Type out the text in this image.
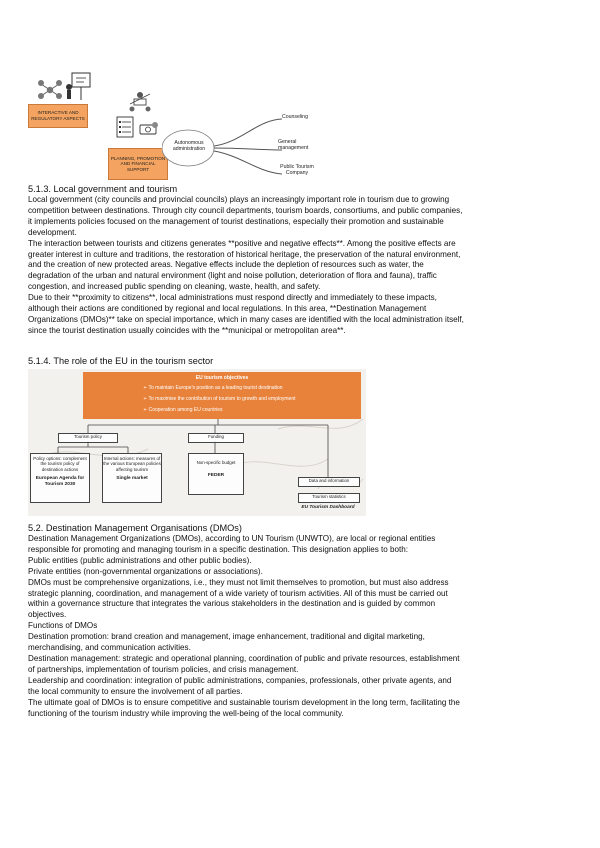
INTERACTIVE AND REGULATORY ASPECTS
PLANNING, PROMOTION AND FINANCIAL SUPPORT
Autonomous administration
Counseling
General management
Public Tourism Company

5.1.3. Local government and tourism

Local government (city councils and provincial councils) plays an increasingly important role in tourism due to growing

competition between destinations. Through city council departments, tourism boards, consortiums, and public companies,

it implements policies focused on the management of tourist destinations, especially their promotion and sustainable

development.

The interaction between tourists and citizens generates **positive and negative effects**. Among the positive effects are

greater interest in culture and traditions, the restoration of historical heritage, the preservation of the natural environment,

and the creation of new protected areas. Negative effects include the depletion of resources such as water, the

degradation of the urban and natural environment (light and noise pollution, deterioration of flora and fauna), traffic

congestion, and increased public spending on cleaning, waste, health, and safety.

Due to their **proximity to citizens**, local administrations must respond directly and immediately to these impacts,

although their actions are conditioned by regional and local regulations. In this area, **Destination Management

Organizations (DMOs)** take on special importance, which in many cases are identified with the local administration itself,

since the tourist destination usually coincides with the **municipal or metropolitan area**.

5.1.4. The role of the EU in the tourism sector

EU tourism objectives
➢ To maintain Europe's position as a leading tourist destination
➢ To maximise the contribution of tourism to growth and employment
➢ Cooperation among EU countries
Tourism policy	Funding
Policy options: complement the tourism policy of destination actions
European Agenda for Tourism 2030
Internal actions: measures of the various European policies affecting tourism
Single market
Non-specific budget
FEDER
Data and information
Tourism statistics
EU Tourism Dashboard

5.2. Destination Management Organisations (DMOs)

Destination Management Organizations (DMOs), according to UN Tourism (UNWTO), are local or regional entities

responsible for promoting and managing tourism in a specific destination. This designation applies to both:

Public entities (public administrations and other public bodies).

Private entities (non-governmental organizations or associations).

DMOs must be comprehensive organizations, i.e., they must not limit themselves to promotion, but must also address

strategic planning, coordination, and management of a wide variety of tourism activities. All of this must be carried out

within a governance structure that integrates the various stakeholders in the destination and is guided by common

objectives.

Functions of DMOs

Destination promotion: brand creation and management, image enhancement, traditional and digital marketing,

merchandising, and communication activities.

Destination management: strategic and operational planning, coordination of public and private resources, establishment

of partnerships, implementation of tourism policies, and crisis management.

Leadership and coordination: integration of public administrations, companies, professionals, other private agents, and

the local community to ensure the involvement of all parties.

The ultimate goal of DMOs is to ensure competitive and sustainable tourism development in the long term, facilitating the

functioning of the tourism industry while improving the well-being of the local community.
